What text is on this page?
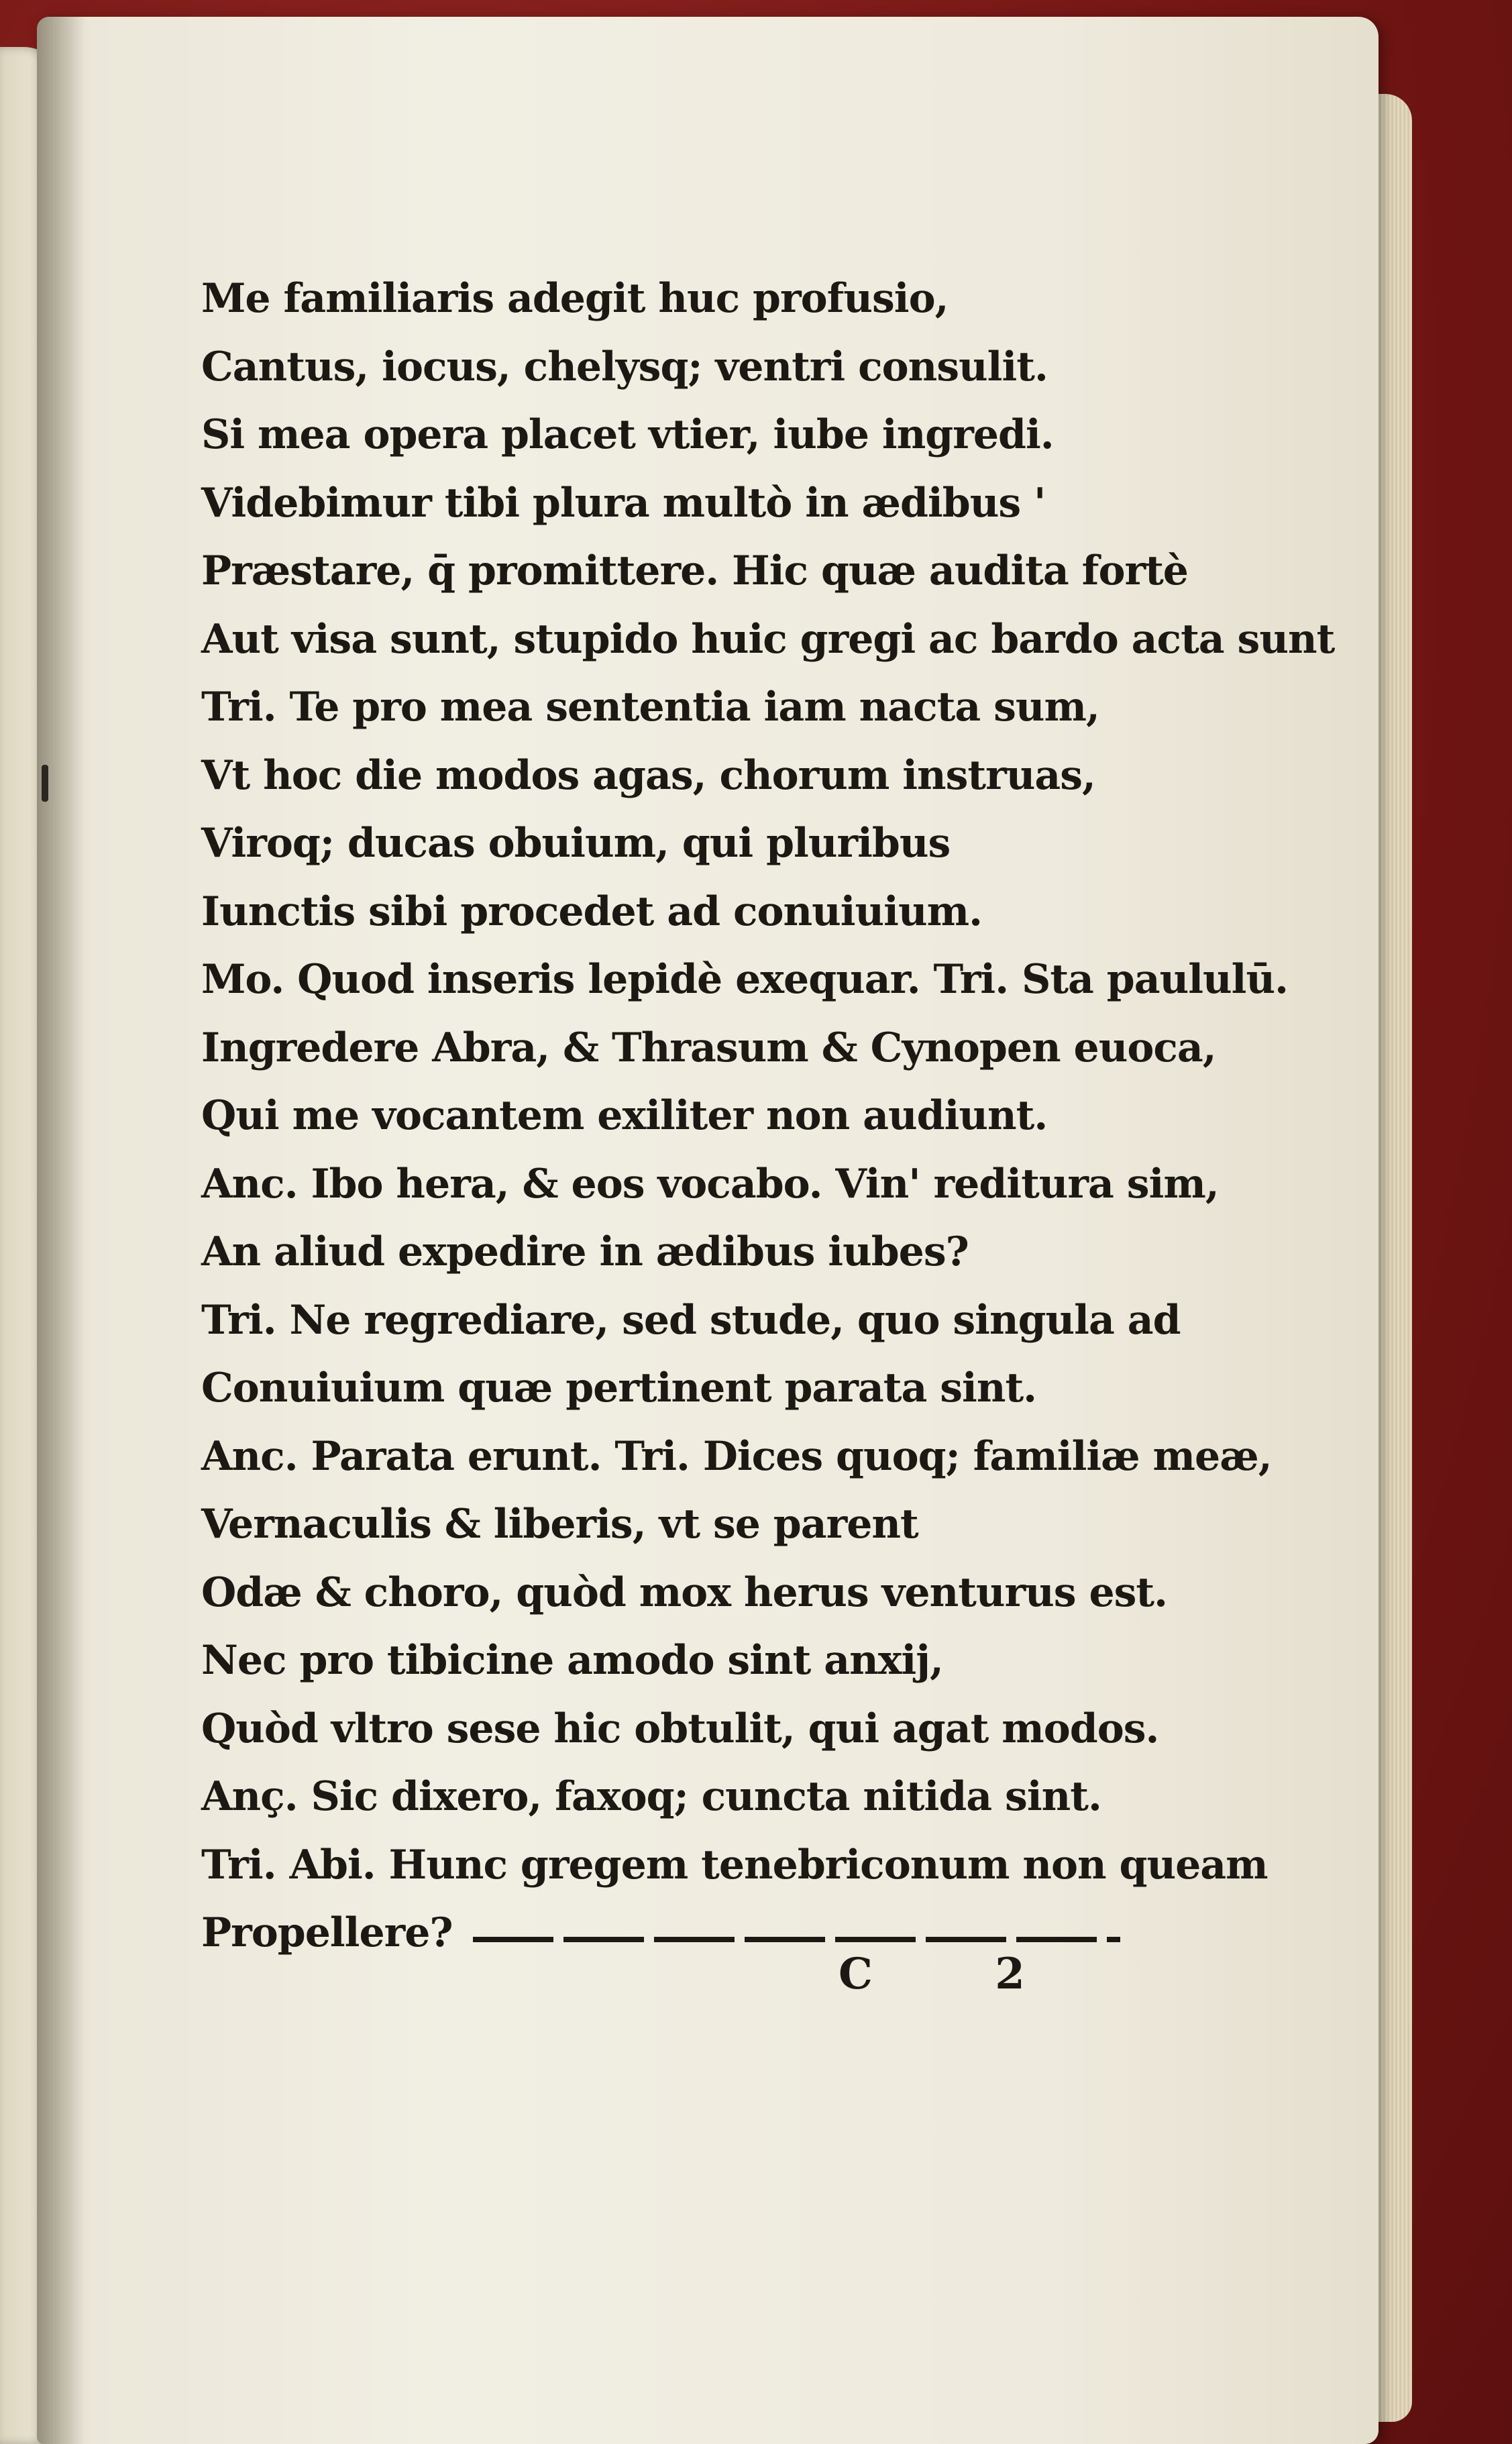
Me familiaris adegit huc profusio,
Cantus, iocus, chelysq; ventri consulit.
Si mea opera placet vtier, iube ingredi.
Videbimur tibi plura multò in ædibus '
Præstare, q̄ promittere. Hic quæ audita fortè
Aut visa sunt, stupido huic gregi ac bardo acta sunt
Tri. Te pro mea sententia iam nacta sum,
Vt hoc die modos agas, chorum instruas,
Viroq; ducas obuium, qui pluribus
Iunctis sibi procedet ad conuiuium.
Mo. Quod inseris lepidè exequar. Tri. Sta paululū.
Ingredere Abra, & Thrasum & Cynopen euoca,
Qui me vocantem exiliter non audiunt.
Anc. Ibo hera, & eos vocabo. Vin' reditura sim,
An aliud expedire in ædibus iubes?
Tri. Ne regrediare, sed stude, quo singula ad
Conuiuium quæ pertinent parata sint.
Anc. Parata erunt. Tri. Dices quoq; familiæ meæ,
Vernaculis & liberis, vt se parent
Odæ & choro, quòd mox herus venturus est.
Nec pro tibicine amodo sint anxij,
Quòd vltro sese hic obtulit, qui agat modos.
Anç. Sic dixero, faxoq; cuncta nitida sint.
Tri. Abi. Hunc gregem tenebriconum non queam
Propellere?
C 2
